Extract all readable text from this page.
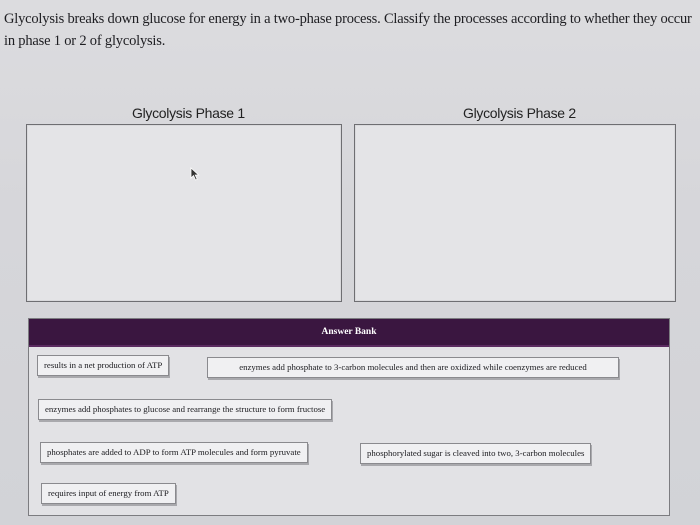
Glycolysis breaks down glucose for energy in a two-phase process. Classify the processes according to whether they occur in phase 1 or 2 of glycolysis.

Glycolysis Phase 1	Glycolysis Phase 2
Answer Bank
results in a net production of ATP	enzymes add phosphate to 3-carbon molecules and then are oxidized while coenzymes are reduced
enzymes add phosphates to glucose and rearrange the structure to form fructose
phosphates are added to ADP to form ATP molecules and form pyruvate	phosphorylated sugar is cleaved into two, 3-carbon molecules
requires input of energy from ATP
